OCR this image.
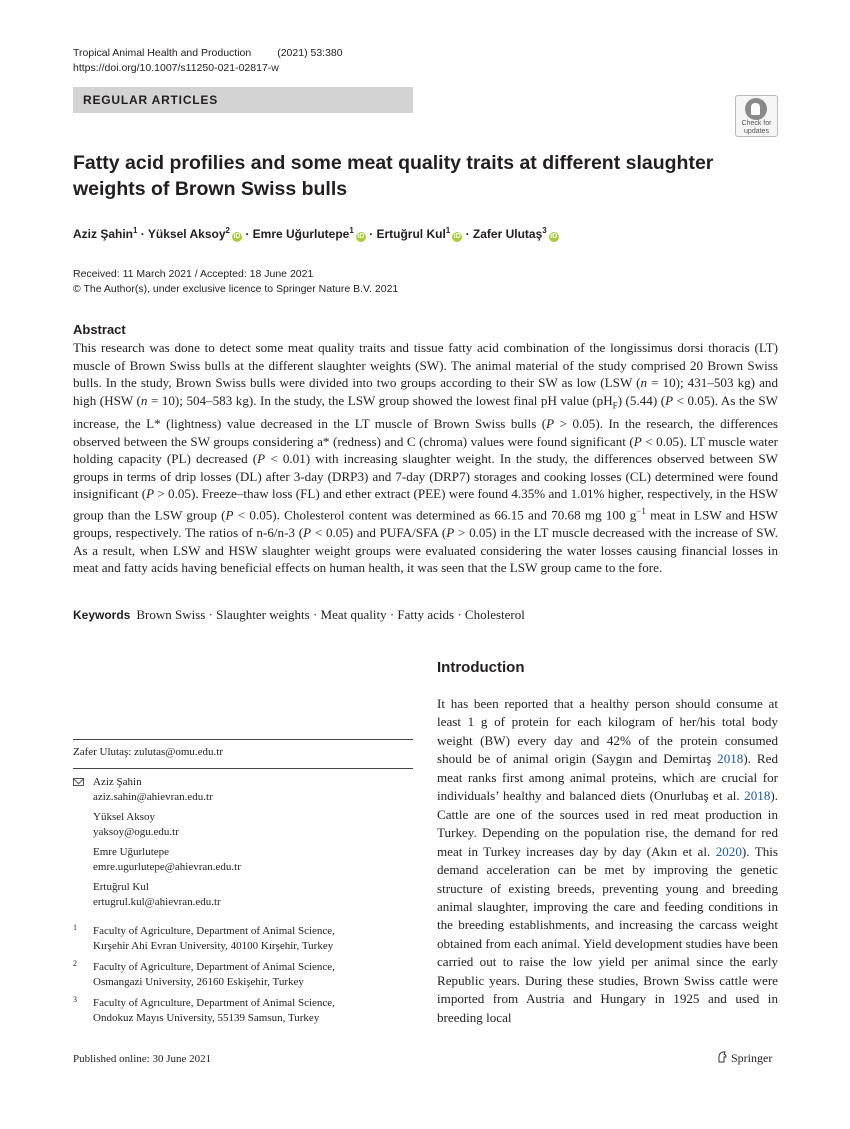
Tropical Animal Health and Production (2021) 53:380
https://doi.org/10.1007/s11250-021-02817-w
REGULAR ARTICLES
Check for
updates
Fatty acid profilies and some meat quality traits at different slaughter weights of Brown Swiss bulls
Aziz Şahin$^1$ · Yüksel Aksoy$^2$iD · Emre Uğurlutepe$^1$iD · Ertuğrul Kul$^1$iD · Zafer Ulutaş$^3$iD
Received: 11 March 2021 / Accepted: 18 June 2021
© The Author(s), under exclusive licence to Springer Nature B.V. 2021
Abstract
This research was done to detect some meat quality traits and tissue fatty acid combination of the longissimus dorsi thoracis (LT) muscle of Brown Swiss bulls at the different slaughter weights (SW). The animal material of the study comprised 20 Brown Swiss bulls. In the study, Brown Swiss bulls were divided into two groups according to their SW as low (LSW (n = 10); 431–503 kg) and high (HSW (n = 10); 504–583 kg). In the study, the LSW group showed the lowest final pH value $(pH_F)$ (5.44) (P < 0.05). As the SW increase, the L* (lightness) value decreased in the LT muscle of Brown Swiss bulls (P > 0.05). In the research, the differences observed between the SW groups considering a* (redness) and C (chroma) values were found significant (P < 0.05). LT muscle water holding capacity (PL) decreased (P < 0.01) with increasing slaughter weight. In the study, the differences observed between SW groups in terms of drip losses (DL) after 3-day (DRP3) and 7-day (DRP7) storages and cooking losses (CL) determined were found insignificant (P > 0.05). Freeze–thaw loss (FL) and ether extract (PEE) were found 4.35% and 1.01% higher, respectively, in the HSW group than the LSW group (P < 0.05). Cholesterol content was determined as 66.15 and 70.68 mg 100 $g^{-1}$ meat in LSW and HSW groups, respectively. The ratios of n-6/n-3 (P < 0.05) and PUFA/SFA (P > 0.05) in the LT muscle decreased with the increase of SW. As a result, when LSW and HSW slaughter weight groups were evaluated considering the water losses causing financial losses in meat and fatty acids having beneficial effects on human health, it was seen that the LSW group came to the fore.
Keywords Brown Swiss · Slaughter weights · Meat quality · Fatty acids · Cholesterol
Introduction
It has been reported that a healthy person should consume at least 1 g of protein for each kilogram of her/his total body weight (BW) every day and 42% of the protein consumed should be of animal origin (Saygın and Demirtaş 2018). Red meat ranks first among animal proteins, which are crucial for individuals’ healthy and balanced diets (Onurlubaş et al. 2018). Cattle are one of the sources used in red meat production in Turkey. Depending on the population rise, the demand for red meat in Turkey increases day by day (Akın et al. 2020). This demand acceleration can be met by improving the genetic structure of existing breeds, preventing young and breeding animal slaughter, improving the care and feeding conditions in the breeding establishments, and increasing the carcass weight obtained from each animal. Yield development studies have been carried out to raise the low yield per animal since the early Republic years. During these studies, Brown Swiss cattle were imported from Austria and Hungary in 1925 and used in breeding local
Zafer Ulutaş: zulutas@omu.edu.tr
Aziz Şahin
aziz.sahin@ahievran.edu.tr
Yüksel Aksoy
yaksoy@ogu.edu.tr
Emre Uğurlutepe
emre.ugurlutepe@ahievran.edu.tr
Ertuğrul Kul
ertugrul.kul@ahievran.edu.tr
1 Faculty of Agriculture, Department of Animal Science,
Kırşehir Ahi Evran University, 40100 Kırşehir, Turkey
2 Faculty of Agriculture, Department of Animal Science,
Osmangazi University, 26160 Eskişehir, Turkey
3 Faculty of Agrıculture, Department of Animal Science,
Ondokuz Mayıs University, 55139 Samsun, Turkey
Published online: 30 June 2021	Springer
